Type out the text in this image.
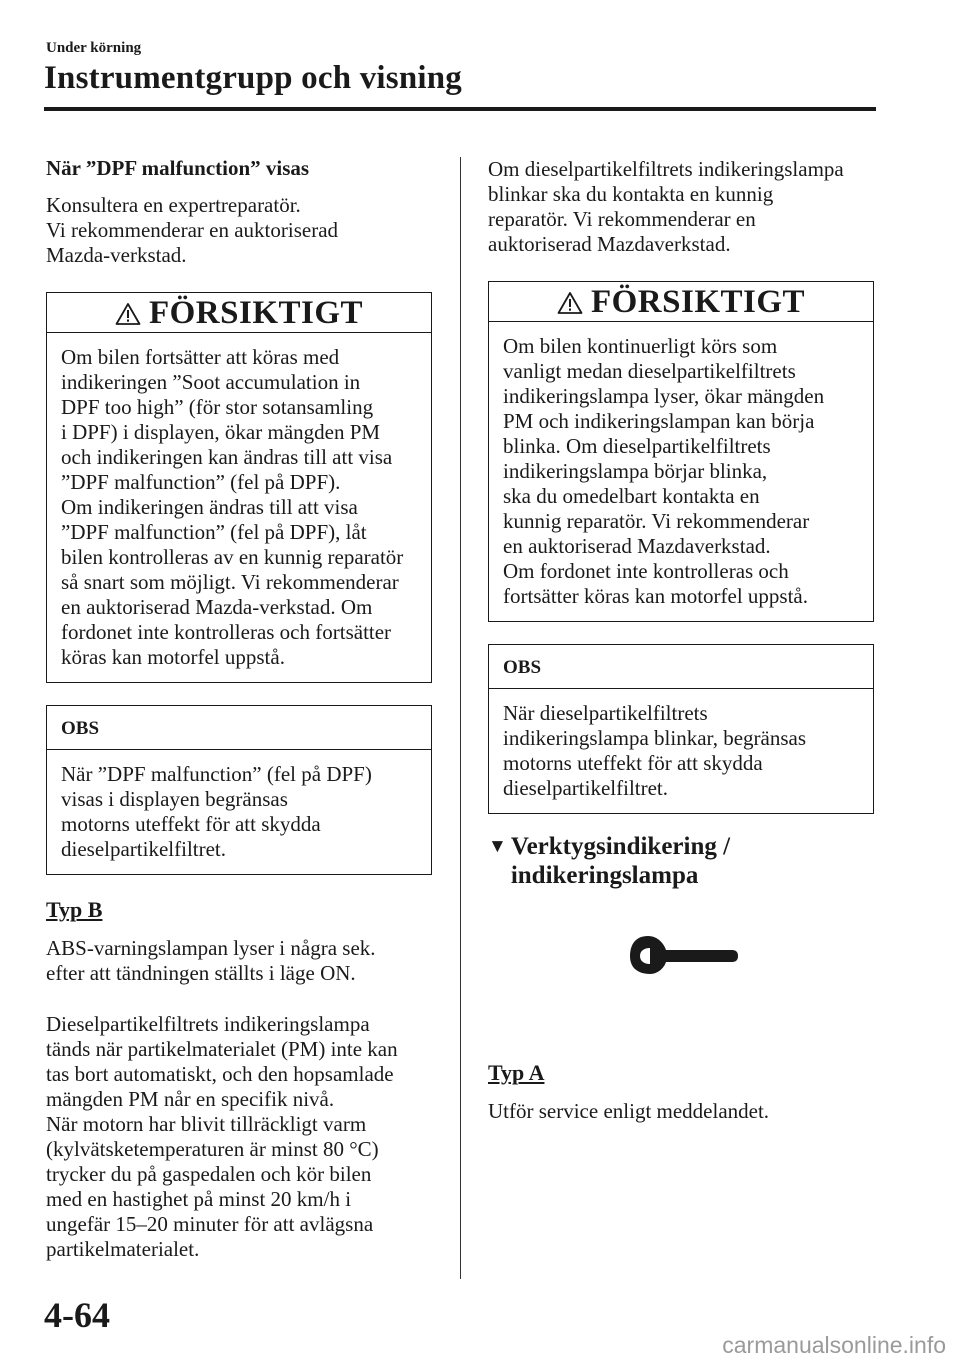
Under körning
Instrumentgrupp och visning
När ”DPF malfunction” visas
Konsultera en expertreparatör.
Vi rekommenderar en auktoriserad
Mazda-verkstad.
FÖRSIKTIGT
Om bilen fortsätter att köras med
indikeringen ”Soot accumulation in
DPF too high” (för stor sotansamling
i DPF) i displayen, ökar mängden PM
och indikeringen kan ändras till att visa
”DPF malfunction” (fel på DPF).
Om indikeringen ändras till att visa
”DPF malfunction” (fel på DPF), låt
bilen kontrolleras av en kunnig reparatör
så snart som möjligt. Vi rekommenderar
en auktoriserad Mazda-verkstad. Om
fordonet inte kontrolleras och fortsätter
köras kan motorfel uppstå.
OBS
När ”DPF malfunction” (fel på DPF)
visas i displayen begränsas
motorns uteffekt för att skydda
dieselpartikelfiltret.
Typ B
ABS-varningslampan lyser i några sek.
efter att tändningen ställts i läge ON.
Dieselpartikelfiltrets indikeringslampa
tänds när partikelmaterialet (PM) inte kan
tas bort automatiskt, och den hopsamlade
mängden PM når en specifik nivå.
När motorn har blivit tillräckligt varm
(kylvätsketemperaturen är minst 80 °C)
trycker du på gaspedalen och kör bilen
med en hastighet på minst 20 km/h i
ungefär 15–20 minuter för att avlägsna
partikelmaterialet.
Om dieselpartikelfiltrets indikeringslampa
blinkar ska du kontakta en kunnig
reparatör. Vi rekommenderar en
auktoriserad Mazdaverkstad.
FÖRSIKTIGT
Om bilen kontinuerligt körs som
vanligt medan dieselpartikelfiltrets
indikeringslampa lyser, ökar mängden
PM och indikeringslampan kan börja
blinka. Om dieselpartikelfiltrets
indikeringslampa börjar blinka,
ska du omedelbart kontakta en
kunnig reparatör. Vi rekommenderar
en auktoriserad Mazdaverkstad.
Om fordonet inte kontrolleras och
fortsätter köras kan motorfel uppstå.
OBS
När dieselpartikelfiltrets
indikeringslampa blinkar, begränsas
motorns uteffekt för att skydda
dieselpartikelfiltret.
▼ Verktygsindikering /
indikeringslampa
Typ A
Utför service enligt meddelandet.
4-64
carmanualsonline.info
